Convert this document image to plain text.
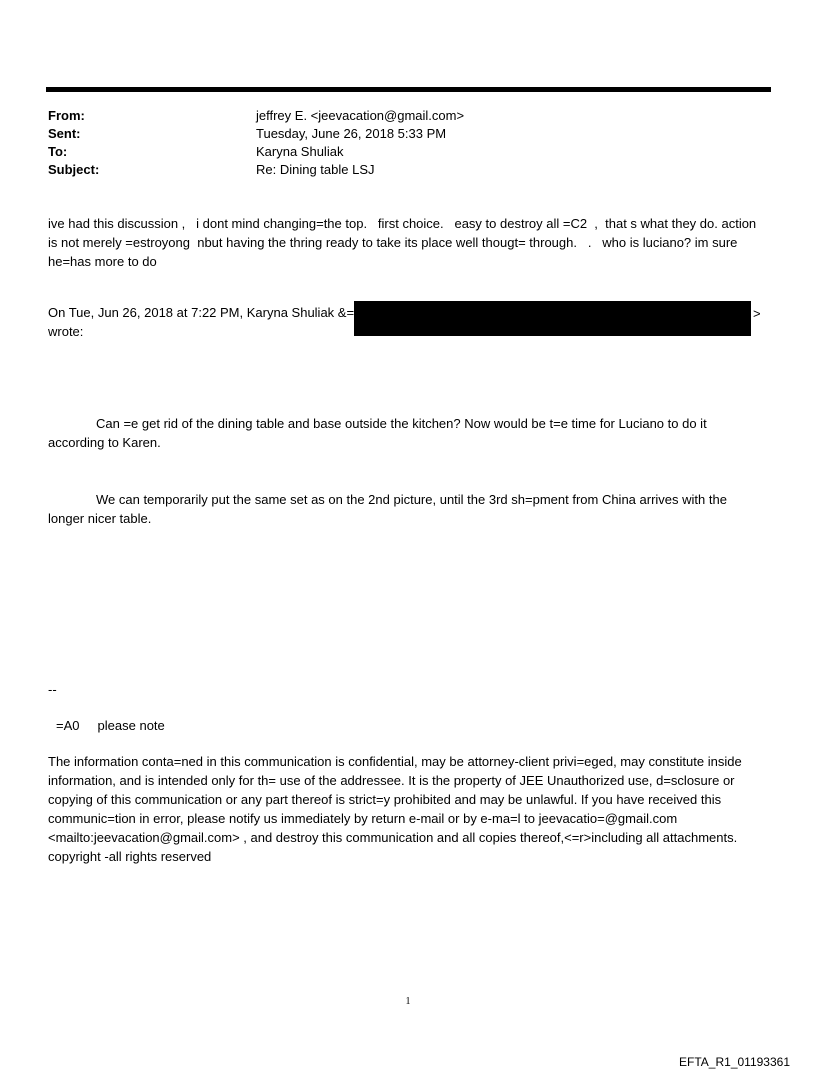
From:	jeffrey E. <jeevacation@gmail.com>
Sent:	Tuesday, June 26, 2018 5:33 PM
To:	Karyna Shuliak
Subject:	Re: Dining table LSJ
ive had this discussion ,   i dont mind changing=the top.   first choice.   easy to destroy all =C2  ,  that s what they do. action is not merely =estroyong  nbut having the thring ready to take its place well thougt= through.   .   who is luciano? im sure he=has more to do
On Tue, Jun 26, 2018 at 7:22 PM, Karyna Shuliak &=	>
wrote:

Can =e get rid of the dining table and base outside the kitchen? Now would be t=e time for Luciano to do it according to Karen.

We can temporarily put the same set as on the 2nd picture, until the 3rd sh=pment from China arrives with the longer nicer table.

--
=A0     please note
The information conta=ned in this communication is confidential, may be attorney-client privi=eged, may constitute inside information, and is intended only for th= use of the addressee. It is the property of JEE Unauthorized use, d=sclosure or copying of this communication or any part thereof is strict=y prohibited and may be unlawful. If you have received this communic=tion in error, please notify us immediately by return e-mail or by e-ma=l to jeevacatio=@gmail.com <mailto:jeevacation@gmail.com> , and destroy this communication and all copies thereof,<=r>including all attachments. copyright -all rights reserved
1
EFTA_R1_01193361
